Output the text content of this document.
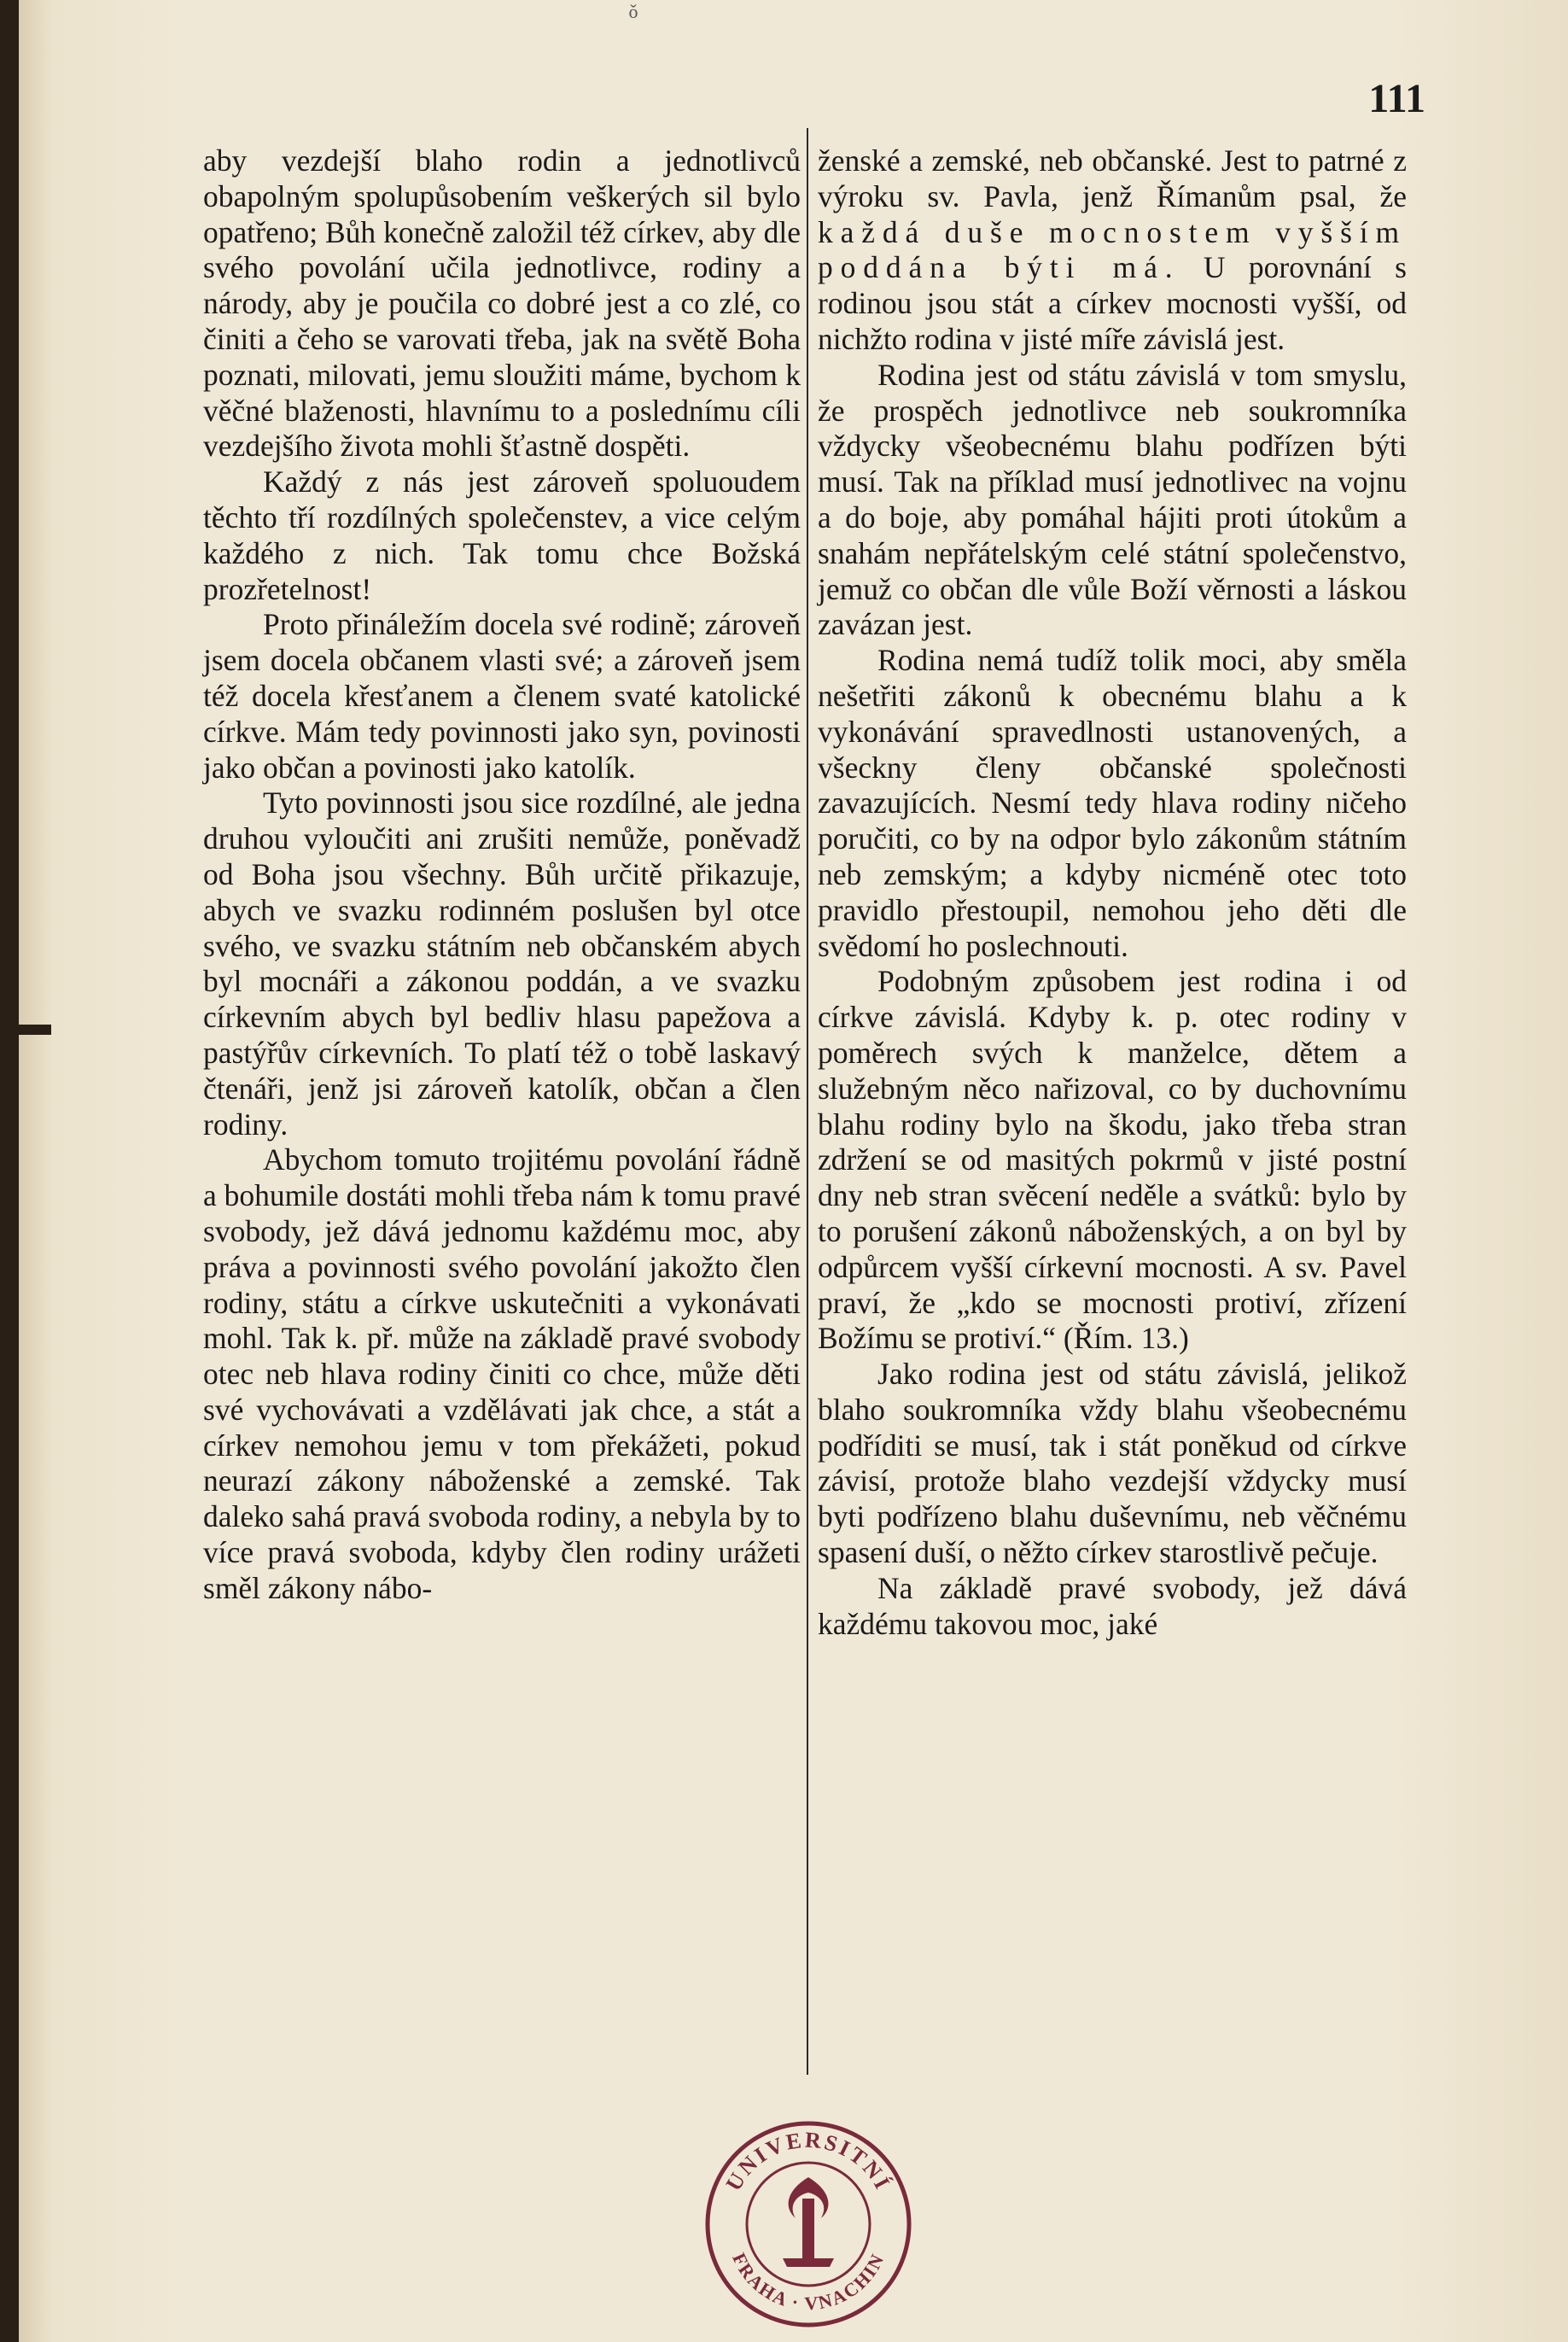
ǒ
111

aby vezdejší blaho rodin a jednotlivců obapolným spolupůsobením veškerých sil bylo opatřeno; Bůh konečně založil též církev, aby dle svého povolání učila jednotlivce, rodiny a národy, aby je poučila co dobré jest a co zlé, co činiti a čeho se varovati třeba, jak na světě Boha poznati, milovati, jemu sloužiti máme, bychom k věčné blaženosti, hlavnímu to a poslednímu cíli vezdejšího života mohli šťastně dospěti.

Každý z nás jest zároveň spoluoudem těchto tří rozdílných společenstev, a vice celým každého z nich. Tak tomu chce Božská prozřetelnost!

Proto přináležím docela své rodině; zároveň jsem docela občanem vlasti své; a zároveň jsem též docela křesťanem a členem svaté katolické církve. Mám tedy povinnosti jako syn, povinosti jako občan a povinosti jako katolík.

Tyto povinnosti jsou sice rozdílné, ale jedna druhou vyloučiti ani zrušiti nemůže, poněvadž od Boha jsou všechny. Bůh určitě přikazuje, abych ve svazku rodinném poslušen byl otce svého, ve svazku státním neb občanském abych byl mocnáři a zákonou poddán, a ve svazku církevním abych byl bedliv hlasu papežova a pastýřův církevních. To platí též o tobě laskavý čtenáři, jenž jsi zároveň katolík, občan a člen rodiny.

Abychom tomuto trojitému povolání řádně a bohumile dostáti mohli třeba nám k tomu pravé svobody, jež dává jednomu každému moc, aby práva a povinnosti svého povolání jakožto člen rodiny, státu a církve uskutečniti a vykonávati mohl. Tak k. př. může na základě pravé svobody otec neb hlava rodiny činiti co chce, může děti své vychovávati a vzdělávati jak chce, a stát a církev nemohou jemu v tom překážeti, pokud neurazí zákony náboženské a zemské. Tak daleko sahá pravá svoboda rodiny, a nebyla by to více pravá svoboda, kdyby člen rodiny urážeti směl zákony nábo-

ženské a zemské, neb občanské. Jest to patrné z výroku sv. Pavla, jenž Římanům psal, že každá duše mocnostem vyšším poddána býti má. U porovnání s rodinou jsou stát a církev mocnosti vyšší, od nichžto rodina v jisté míře závislá jest.

Rodina jest od státu závislá v tom smyslu, že prospěch jednotlivce neb soukromníka vždycky všeobecnému blahu podřízen býti musí. Tak na příklad musí jednotlivec na vojnu a do boje, aby pomáhal hájiti proti útokům a snahám nepřátelským celé státní společenstvo, jemuž co občan dle vůle Boží věrnosti a láskou zavázan jest.

Rodina nemá tudíž tolik moci, aby směla nešetřiti zákonů k obecnému blahu a k vykonávání spravedlnosti ustanovených, a všeckny členy občanské společnosti zavazujících. Nesmí tedy hlava rodiny ničeho poručiti, co by na odpor bylo zákonům státním neb zemským; a kdyby nicméně otec toto pravidlo přestoupil, nemohou jeho děti dle svědomí ho poslechnouti.

Podobným způsobem jest rodina i od církve závislá. Kdyby k. p. otec rodiny v poměrech svých k manželce, dětem a služebným něco nařizoval, co by duchovnímu blahu rodiny bylo na škodu, jako třeba stran zdržení se od masitých pokrmů v jisté postní dny neb stran svěcení neděle a svátků: bylo by to porušení zákonů náboženských, a on byl by odpůrcem vyšší církevní mocnosti. A sv. Pavel praví, že „kdo se mocnosti protiví, zřízení Božímu se protiví.“ (Řím. 13.)

Jako rodina jest od státu závislá, jelikož blaho soukromníka vždy blahu všeobecnému podříditi se musí, tak i stát poněkud od církve závisí, protože blaho vezdejší vždycky musí byti podřízeno blahu duševnímu, neb věčnému spasení duší, o něžto církev starostlivě pečuje.

Na základě pravé svobody, jež dává každému takovou moc, jaké

UNIVERSITNÍ
FRAHA · VNACHIN
